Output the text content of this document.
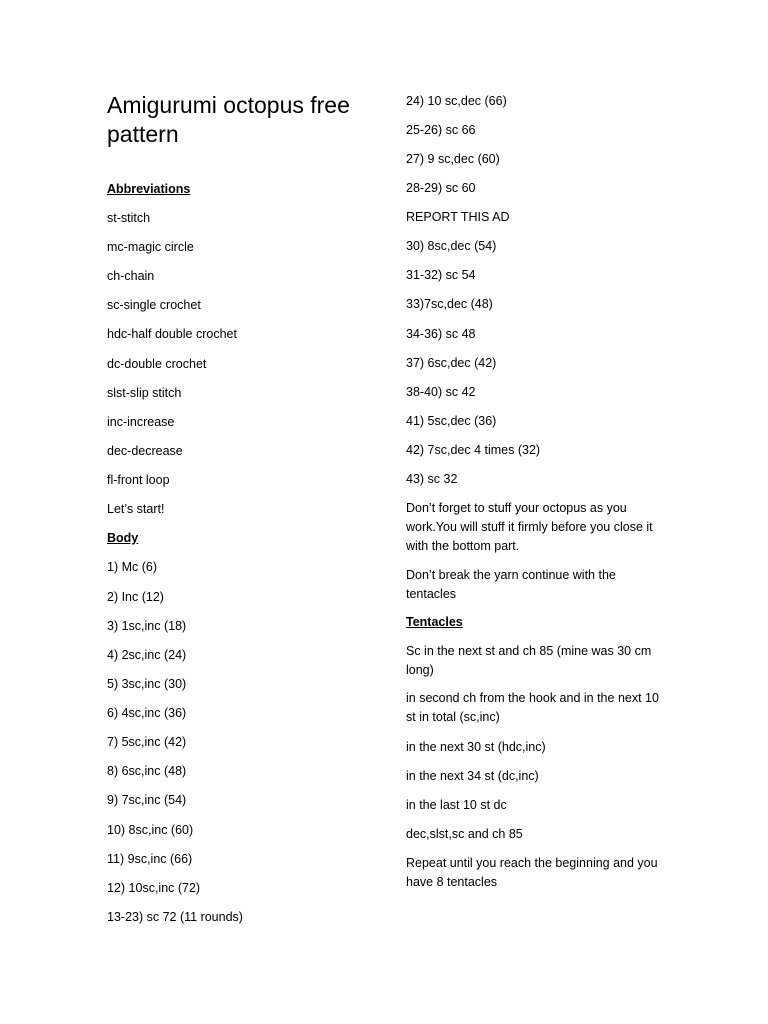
Amigurumi octopus free pattern

Abbreviations

st-stitch

mc-magic circle

ch-chain

sc-single crochet

hdc-half double crochet

dc-double crochet

slst-slip stitch

inc-increase

dec-decrease

fl-front loop

Let’s start!

Body

1) Mc (6)

2) Inc (12)

3) 1sc,inc (18)

4) 2sc,inc (24)

5) 3sc,inc (30)

6) 4sc,inc (36)

7) 5sc,inc (42)

8) 6sc,inc (48)

9) 7sc,inc (54)

10) 8sc,inc (60)

11) 9sc,inc (66)

12) 10sc,inc (72)

13-23) sc 72 (11 rounds)

24) 10 sc,dec (66)

25-26) sc 66

27) 9 sc,dec (60)

28-29) sc 60

REPORT THIS AD

30) 8sc,dec (54)

31-32) sc 54

33)7sc,dec (48)

34-36) sc 48

37) 6sc,dec (42)

38-40) sc 42

41) 5sc,dec (36)

42) 7sc,dec 4 times (32)

43) sc 32

Don’t forget to stuff your octopus as you work.You will stuff it firmly before you close it with the bottom part.

Don’t break the yarn continue with the tentacles

Tentacles

Sc in the next st and ch 85 (mine was 30 cm long)

in second ch from the hook and in the next 10 st in total (sc,inc)

in the next 30 st (hdc,inc)

in the next 34 st (dc,inc)

in the last 10 st dc

dec,slst,sc and ch 85

Repeat until you reach the beginning and you have 8 tentacles
